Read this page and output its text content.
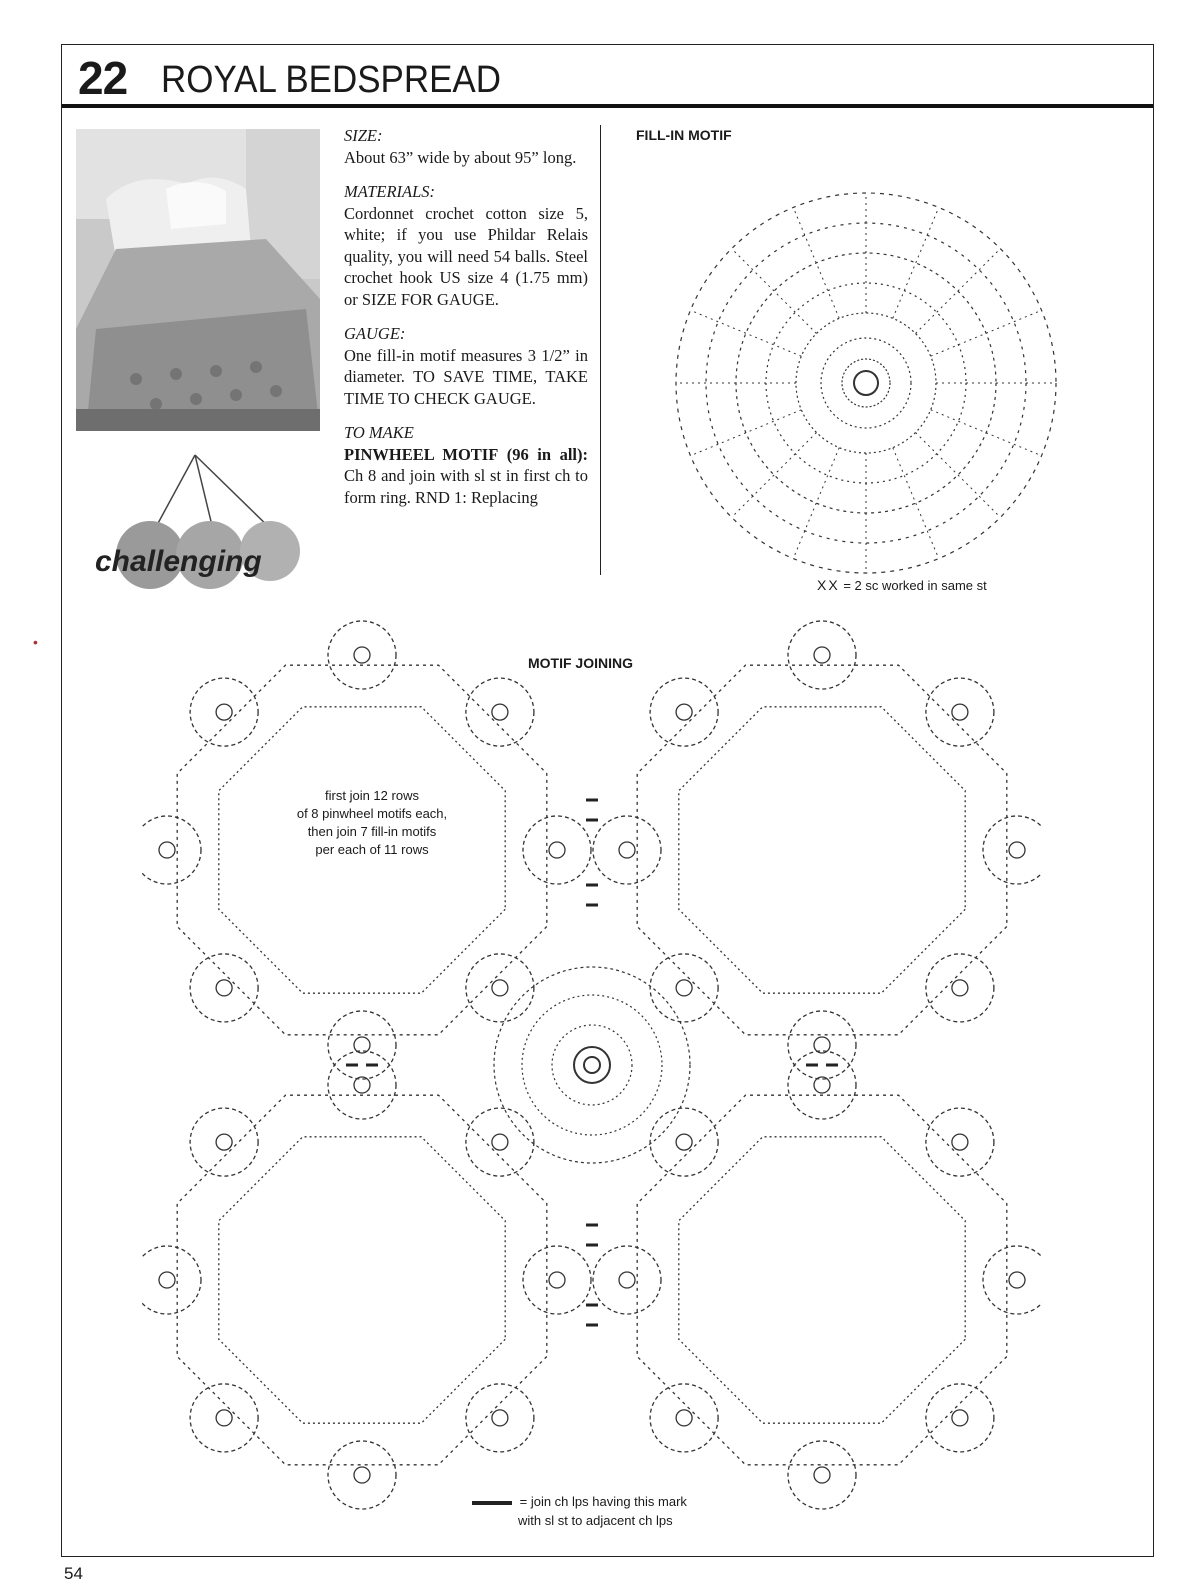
22 ROYAL BEDSPREAD
challenging

SIZE:
About 63” wide by about 95” long.

MATERIALS:
Cordonnet crochet cotton size 5, white; if you use Phildar Relais quality, you will need 54 balls. Steel crochet hook US size 4 (1.75 mm) or SIZE FOR GAUGE.

GAUGE:
One fill-in motif measures 3 1/2” in diameter. TO SAVE TIME, TAKE TIME TO CHECK GAUGE.

TO MAKE
PINWHEEL MOTIF (96 in all): Ch 8 and join with sl st in first ch to form ring. RND 1: Replacing

FILL-IN MOTIF
XX = 2 sc worked in same st
MOTIF JOINING
first join 12 rows
of 8 pinwheel motifs each,
then join 7 fill-in motifs
per each of 11 rows
= join ch lps having this mark
with sl st to adjacent ch lps
54
•
